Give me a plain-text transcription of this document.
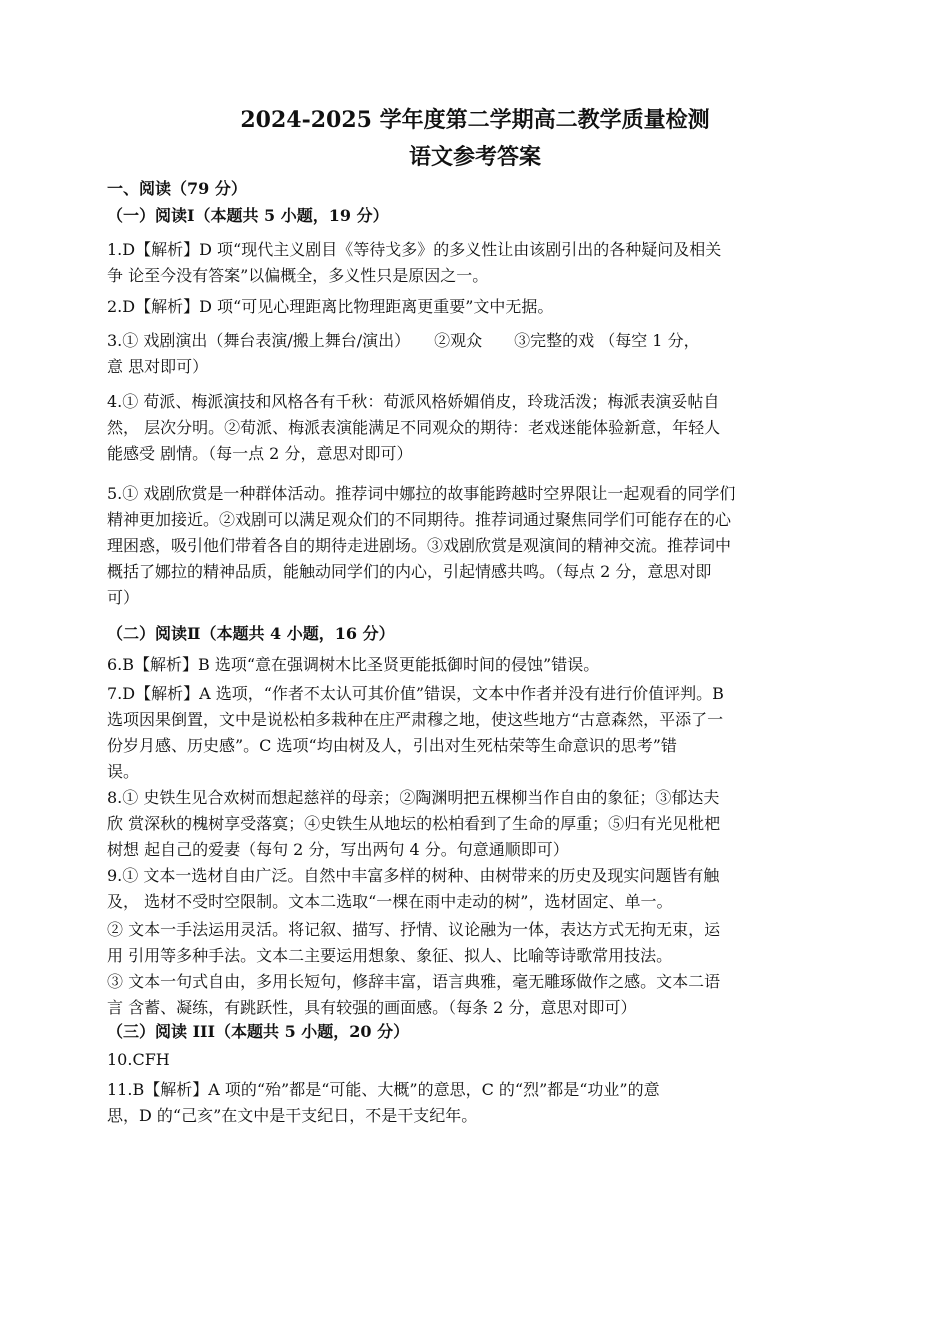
2024-2025 学年度第二学期高二教学质量检测
语文参考答案
一、阅读（79 分）
（一）阅读Ⅰ（本题共 5 小题，19 分）
1.D【解析】D 项“现代主义剧目《等待戈多》的多义性让由该剧引出的各种疑问及相关
争 论至今没有答案”以偏概全，多义性只是原因之一。
2.D【解析】D 项“可见心理距离比物理距离更重要”文中无据。
3.① 戏剧演出（舞台表演/搬上舞台/演出）　　②观众　　③完整的戏 （每空 1 分，
意 思对即可）
4.① 荀派、梅派演技和风格各有千秋：荀派风格娇媚俏皮，玲珑活泼；梅派表演妥帖自
然， 层次分明。②荀派、梅派表演能满足不同观众的期待：老戏迷能体验新意，年轻人
能感受 剧情。（每一点 2 分，意思对即可）
5.① 戏剧欣赏是一种群体活动。推荐词中娜拉的故事能跨越时空界限让一起观看的同学们
精神更加接近。②戏剧可以满足观众们的不同期待。推荐词通过聚焦同学们可能存在的心
理困惑，吸引他们带着各自的期待走进剧场。③戏剧欣赏是观演间的精神交流。推荐词中
概括了娜拉的精神品质，能触动同学们的内心，引起情感共鸣。（每点 2 分，意思对即
可）
（二）阅读Ⅱ（本题共 4 小题，16 分）
6.B【解析】B 选项“意在强调树木比圣贤更能抵御时间的侵蚀”错误。
7.D【解析】A 选项，“作者不太认可其价值”错误，文本中作者并没有进行价值评判。B
选项因果倒置，文中是说松柏多栽种在庄严肃穆之地，使这些地方“古意森然，平添了一
份岁月感、历史感”。C 选项“均由树及人，引出对生死枯荣等生命意识的思考”错
误。
8.① 史铁生见合欢树而想起慈祥的母亲；②陶渊明把五棵柳当作自由的象征；③郁达夫
欣 赏深秋的槐树享受落寞；④史铁生从地坛的松柏看到了生命的厚重；⑤归有光见枇杷
树想 起自己的爱妻（每句 2 分，写出两句 4 分。句意通顺即可）
9.① 文本一选材自由广泛。自然中丰富多样的树种、由树带来的历史及现实问题皆有触
及， 选材不受时空限制。文本二选取“一棵在雨中走动的树”，选材固定、单一。
② 文本一手法运用灵活。将记叙、描写、抒情、议论融为一体，表达方式无拘无束，运
用 引用等多种手法。文本二主要运用想象、象征、拟人、比喻等诗歌常用技法。
③ 文本一句式自由，多用长短句，修辞丰富，语言典雅，毫无雕琢做作之感。文本二语
言 含蓄、凝练，有跳跃性，具有较强的画面感。（每条 2 分，意思对即可）
（三）阅读 III（本题共 5 小题，20 分）
10.CFH
11.B【解析】A 项的“殆”都是“可能、大概”的意思，C 的“烈”都是“功业”的意
思，D 的“己亥”在文中是干支纪日，不是干支纪年。
